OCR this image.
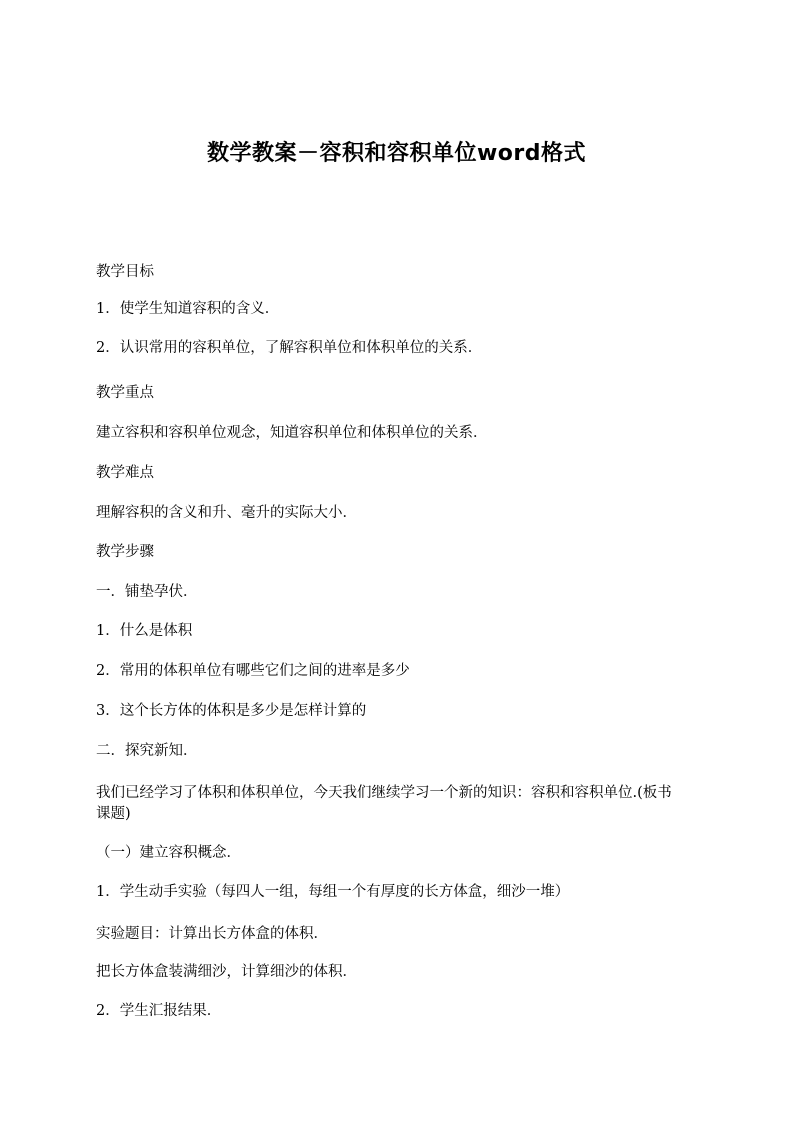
数学教案－容积和容积单位word格式

教学目标

1．使学生知道容积的含义．

2．认识常用的容积单位，了解容积单位和体积单位的关系．

教学重点

建立容积和容积单位观念，知道容积单位和体积单位的关系．

教学难点

理解容积的含义和升、毫升的实际大小．

教学步骤

一．铺垫孕伏．

1．什么是体积

2．常用的体积单位有哪些它们之间的进率是多少

3．这个长方体的体积是多少是怎样计算的

二．探究新知．

我们已经学习了体积和体积单位，今天我们继续学习一个新的知识：容积和容积单位.(板书课题)

（一）建立容积概念．

1．学生动手实验（每四人一组，每组一个有厚度的长方体盒，细沙一堆）

实验题目：计算出长方体盒的体积．

把长方体盒装满细沙，计算细沙的体积．

2．学生汇报结果．
